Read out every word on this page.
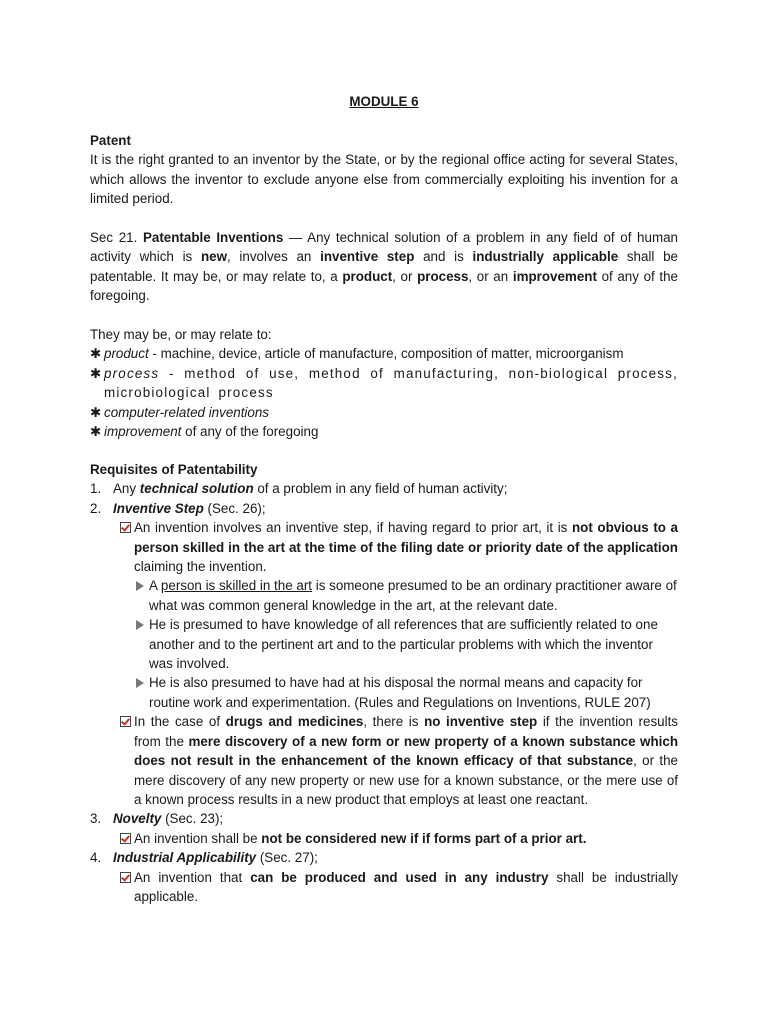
MODULE 6

Patent

It is the right granted to an inventor by the State, or by the regional office acting for several States, which allows the inventor to exclude anyone else from commercially exploiting his invention for a limited period.

Sec 21. Patentable Inventions — Any technical solution of a problem in any field of of human activity which is new, involves an inventive step and is industrially applicable shall be patentable. It may be, or may relate to, a product, or process, or an improvement of any of the foregoing.

They may be, or may relate to:

✱ product - machine, device, article of manufacture, composition of matter, microorganism
✱ process - method of use, method of manufacturing, non-biological process, microbiological process
✱ computer-related inventions
✱ improvement of any of the foregoing

Requisites of Patentability

1. Any technical solution of a problem in any field of human activity;
2. Inventive Step (Sec. 26);
An invention involves an inventive step, if having regard to prior art, it is not obvious to a person skilled in the art at the time of the filing date or priority date of the application claiming the invention.
A person is skilled in the art is someone presumed to be an ordinary practitioner aware of what was common general knowledge in the art, at the relevant date.
He is presumed to have knowledge of all references that are sufficiently related to one another and to the pertinent art and to the particular problems with which the inventor was involved.
He is also presumed to have had at his disposal the normal means and capacity for routine work and experimentation. (Rules and Regulations on Inventions, RULE 207)
In the case of drugs and medicines, there is no inventive step if the invention results from the mere discovery of a new form or new property of a known substance which does not result in the enhancement of the known efficacy of that substance, or the mere discovery of any new property or new use for a known substance, or the mere use of a known process results in a new product that employs at least one reactant.
3. Novelty (Sec. 23);
An invention shall be not be considered new if if forms part of a prior art.
4. Industrial Applicability (Sec. 27);
An invention that can be produced and used in any industry shall be industrially applicable.
